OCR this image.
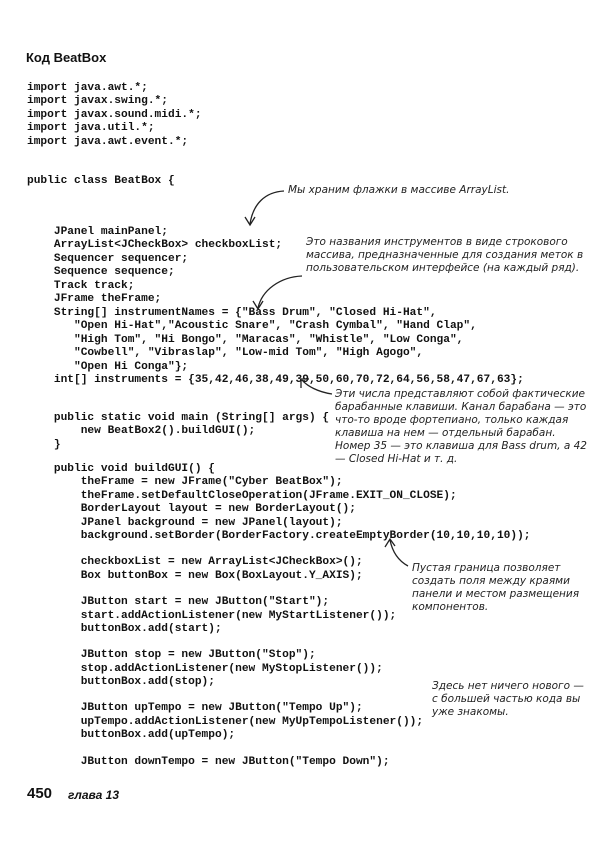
Код BeatBox
import java.awt.*;
import javax.swing.*;
import javax.sound.midi.*;
import java.util.*;
import java.awt.event.*;
public class BeatBox {
JPanel mainPanel;
ArrayList<JCheckBox> checkboxList;
Sequencer sequencer;
Sequence sequence;
Track track;
JFrame theFrame;
String[] instrumentNames = {"Bass Drum", "Closed Hi-Hat",
"Open Hi-Hat","Acoustic Snare", "Crash Cymbal", "Hand Clap",
"High Tom", "Hi Bongo", "Maracas", "Whistle", "Low Conga",
"Cowbell", "Vibraslap", "Low-mid Tom", "High Agogo",
"Open Hi Conga"};
int[] instruments = {35,42,46,38,49,39,50,60,70,72,64,56,58,47,67,63};
public static void main (String[] args) {
new BeatBox2().buildGUI();
}
public void buildGUI() {
theFrame = new JFrame("Cyber BeatBox");
theFrame.setDefaultCloseOperation(JFrame.EXIT_ON_CLOSE);
BorderLayout layout = new BorderLayout();
JPanel background = new JPanel(layout);
background.setBorder(BorderFactory.createEmptyBorder(10,10,10,10));
checkboxList = new ArrayList<JCheckBox>();
Box buttonBox = new Box(BoxLayout.Y_AXIS);
JButton start = new JButton("Start");
start.addActionListener(new MyStartListener());
buttonBox.add(start);
JButton stop = new JButton("Stop");
stop.addActionListener(new MyStopListener());
buttonBox.add(stop);
JButton upTempo = new JButton("Tempo Up");
upTempo.addActionListener(new MyUpTempoListener());
buttonBox.add(upTempo);
JButton downTempo = new JButton("Tempo Down");
Мы храним флажки в массиве ArrayList.
Это названия инструментов в виде строкового массива, предназначенные для создания меток в пользовательском интерфейсе (на каждый ряд).
Эти числа представляют собой фактические барабанные клавиши. Канал барабана — это что-то вроде фортепиано, только каждая клавиша на нем — отдельный барабан. Номер 35 — это клавиша для Bass drum, а 42 — Closed Hi-Hat и т. д.
Пустая граница позволяет создать поля между краями панели и местом размещения компонентов.
Здесь нет ничего нового — с большей частью кода вы уже знакомы.
450 глава 13
